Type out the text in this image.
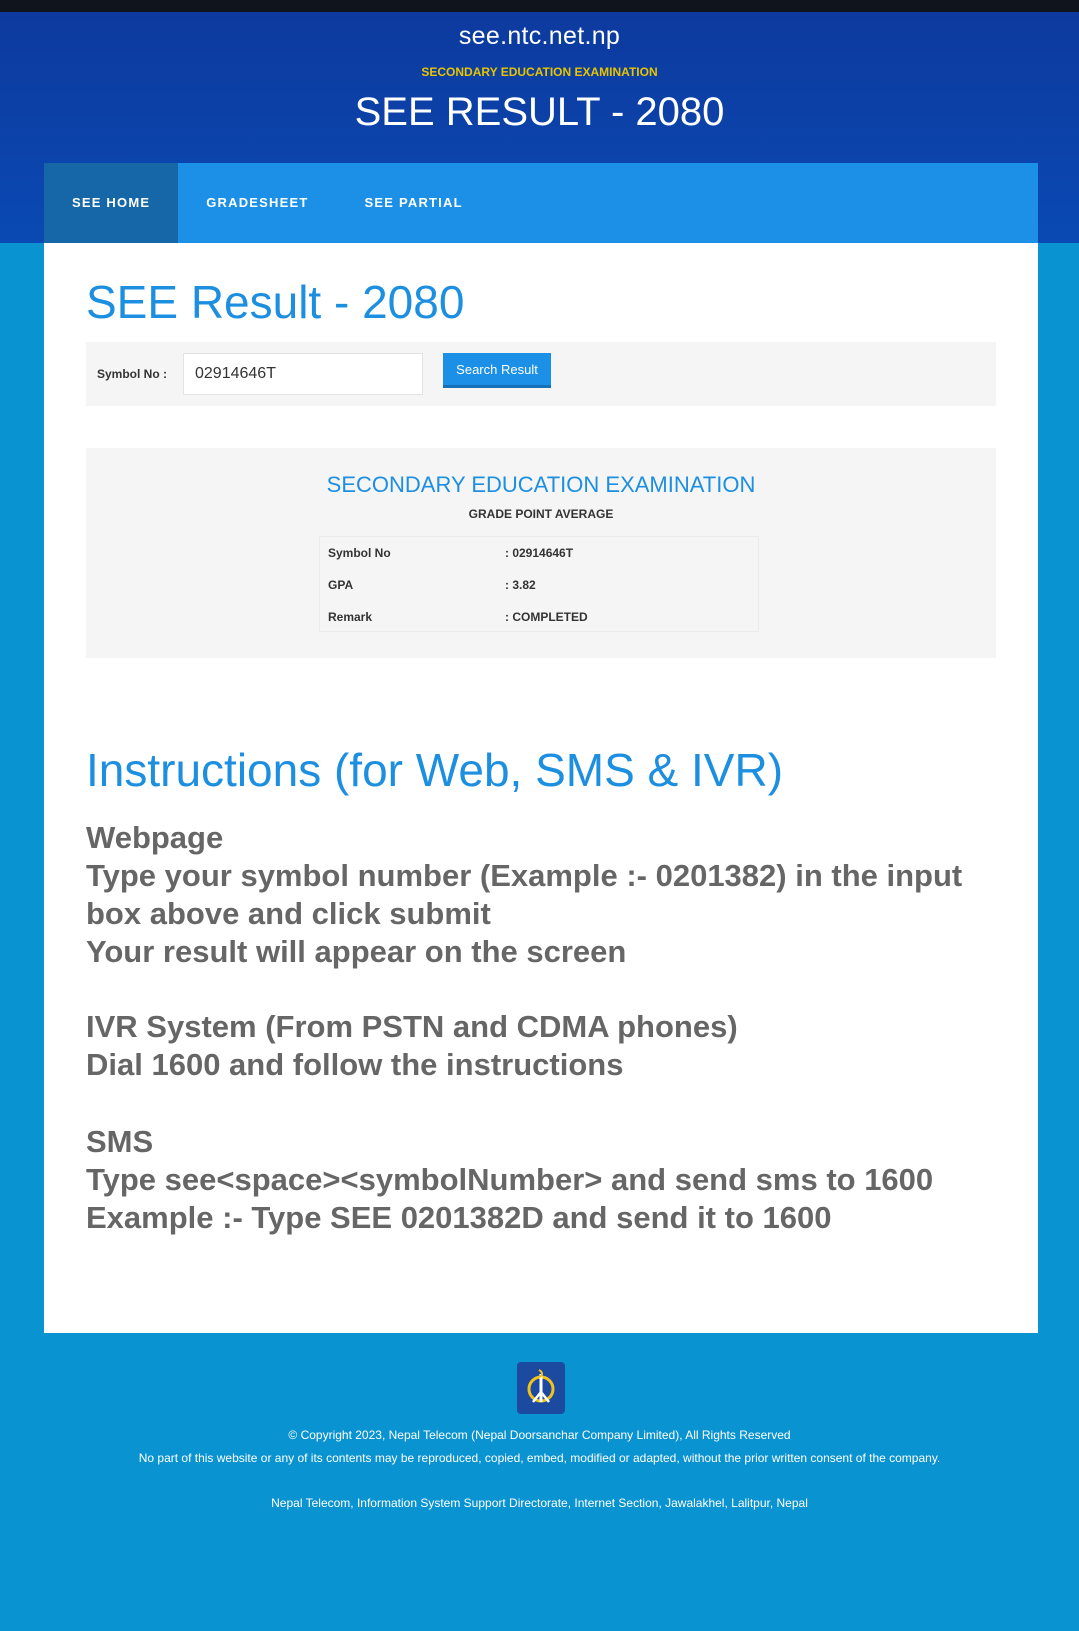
see.ntc.net.np
SECONDARY EDUCATION EXAMINATION
SEE RESULT - 2080
SEE HOME	GRADESHEET	SEE PARTIAL
SEE Result - 2080
Symbol No :
02914646T	Search Result
SECONDARY EDUCATION EXAMINATION
GRADE POINT AVERAGE
Symbol No	: 02914646T
GPA	: 3.82
Remark	: COMPLETED
Instructions (for Web, SMS & IVR)
Webpage
Type your symbol number (Example :- 0201382) in the input
box above and click submit
Your result will appear on the screen
IVR System (From PSTN and CDMA phones)
Dial 1600 and follow the instructions
SMS
Type see<space><symbolNumber> and send sms to 1600
Example :- Type SEE 0201382D and send it to 1600
© Copyright 2023, Nepal Telecom (Nepal Doorsanchar Company Limited), All Rights Reserved
No part of this website or any of its contents may be reproduced, copied, embed, modified or adapted, without the prior written consent of the company.
Nepal Telecom, Information System Support Directorate, Internet Section, Jawalakhel, Lalitpur, Nepal
